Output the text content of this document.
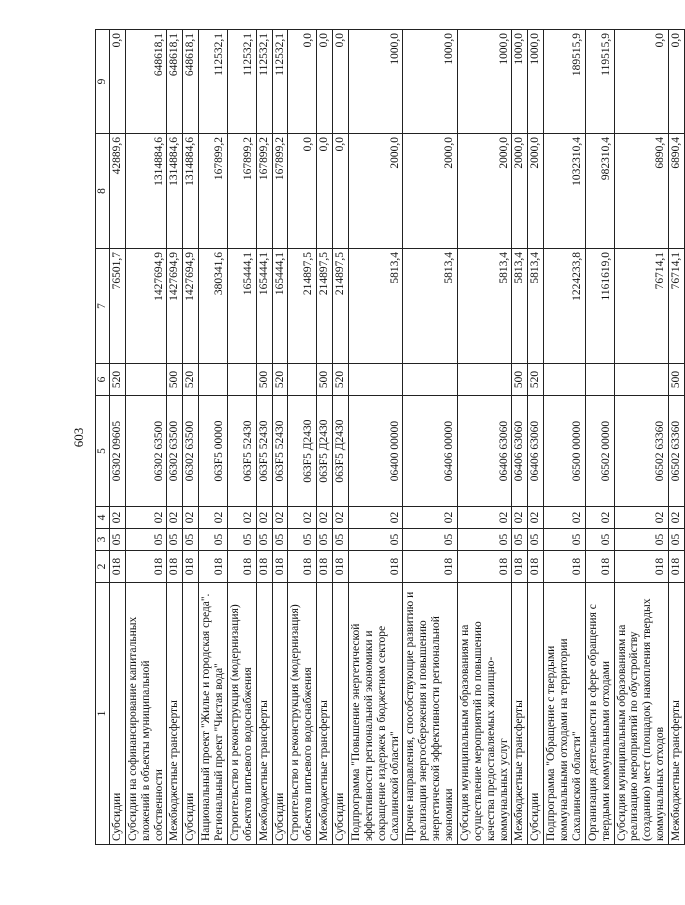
603
1	2	3	4	5	6	7	8	9
Субсидии	018	05	02	06302 09605	520	76501,7	42889,6	0,0
Субсидии на софинансирование капитальных вложений в объекты муниципальной собственности	018	05	02	06302 63500		1427694,9	1314884,6	648618,1
Межбюджетные трансферты	018	05	02	06302 63500	500	1427694,9	1314884,6	648618,1
Субсидии	018	05	02	06302 63500	520	1427694,9	1314884,6	648618,1
Национальный проект "Жилье и городская среда". Региональный проект "Чистая вода"	018	05	02	063F5 00000		380341,6	167899,2	112532,1
Строительство и реконструкция (модернизация) объектов питьевого водоснабжения	018	05	02	063F5 52430		165444,1	167899,2	112532,1
Межбюджетные трансферты	018	05	02	063F5 52430	500	165444,1	167899,2	112532,1
Субсидии	018	05	02	063F5 52430	520	165444,1	167899,2	112532,1
Строительство и реконструкция (модернизация) объектов питьевого водоснабжения	018	05	02	063F5 Д2430		214897,5	0,0	0,0
Межбюджетные трансферты	018	05	02	063F5 Д2430	500	214897,5	0,0	0,0
Субсидии	018	05	02	063F5 Д2430	520	214897,5	0,0	0,0
Подпрограмма "Повышение энергетической эффективности региональной экономики и сокращение издержек в бюджетном секторе Сахалинской области"	018	05	02	06400 00000		5813,4	2000,0	1000,0
Прочие направления, способствующие развитию и реализации энергосбережения и повышению энергетической эффективности региональной экономики	018	05	02	06406 00000		5813,4	2000,0	1000,0
Субсидия муниципальным образованиям на осуществление мероприятий по повышению качества предоставляемых жилищно-коммунальных услуг	018	05	02	06406 63060		5813,4	2000,0	1000,0
Межбюджетные трансферты	018	05	02	06406 63060	500	5813,4	2000,0	1000,0
Субсидии	018	05	02	06406 63060	520	5813,4	2000,0	1000,0
Подпрограмма "Обращение с твердыми коммунальными отходами на территории Сахалинской области"	018	05	02	06500 00000		1224233,8	1032310,4	189515,9
Организация деятельности в сфере обращения с твердыми коммунальными отходами	018	05	02	06502 00000		1161619,0	982310,4	119515,9
Субсидия муниципальным образованиям на реализацию мероприятий по обустройству (созданию) мест (площадок) накопления твердых коммунальных отходов	018	05	02	06502 63360		76714,1	6890,4	0,0
Межбюджетные трансферты	018	05	02	06502 63360	500	76714,1	6890,4	0,0
